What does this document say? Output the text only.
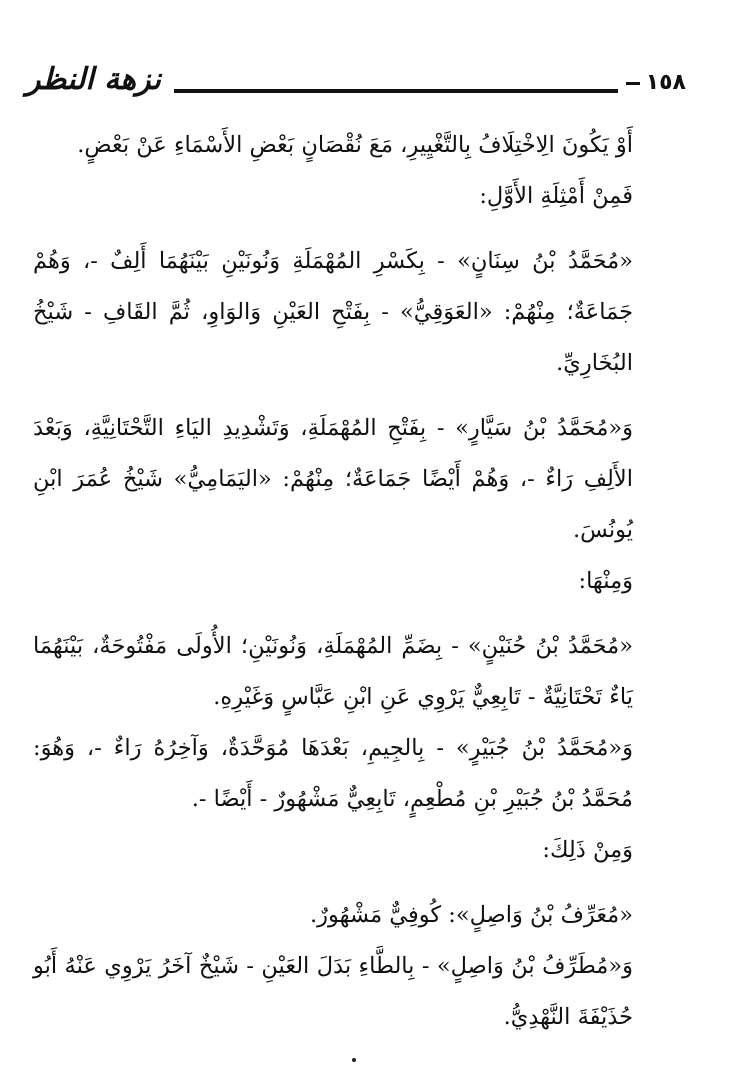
نزهة النظر	١٥٨

أَوْ يَكُونَ الِاخْتِلَافُ بِالتَّغْيِيرِ، مَعَ نُقْصَانٍ بَعْضِ الأَسْمَاءِ عَنْ بَعْضٍ.

فَمِنْ أَمْثِلَةِ الأَوَّلِ:

«مُحَمَّدُ بْنُ سِنَانٍ» - بِكَسْرِ المُهْمَلَةِ وَنُونَيْنِ بَيْنَهُمَا أَلِفٌ -، وَهُمْ جَمَاعَةٌ؛ مِنْهُمْ: «العَوَقِيُّ» - بِفَتْحِ العَيْنِ وَالوَاوِ، ثُمَّ القَافِ - شَيْخُ البُخَارِيِّ.

وَ«مُحَمَّدُ بْنُ سَيَّارٍ» - بِفَتْحِ المُهْمَلَةِ، وَتَشْدِيدِ اليَاءِ التَّحْتَانِيَّةِ، وَبَعْدَ الأَلِفِ رَاءٌ -، وَهُمْ أَيْضًا جَمَاعَةٌ؛ مِنْهُمْ: «اليَمَامِيُّ» شَيْخُ عُمَرَ ابْنِ يُونُسَ.

وَمِنْهَا:

«مُحَمَّدُ بْنُ حُنَيْنٍ» - بِضَمِّ المُهْمَلَةِ، وَنُونَيْنِ؛ الأُولَى مَفْتُوحَةٌ، بَيْنَهُمَا يَاءٌ تَحْتَانِيَّةٌ - تَابِعِيٌّ يَرْوِي عَنِ ابْنِ عَبَّاسٍ وَغَيْرِهِ.

وَ«مُحَمَّدُ بْنُ جُبَيْرٍ» - بِالجِيمِ، بَعْدَهَا مُوَحَّدَةٌ، وَآخِرُهُ رَاءٌ -، وَهُوَ: مُحَمَّدُ بْنُ جُبَيْرِ بْنِ مُطْعِمٍ، تَابِعِيٌّ مَشْهُورٌ - أَيْضًا -.

وَمِنْ ذَلِكَ:

«مُعَرِّفُ بْنُ وَاصِلٍ»: كُوفِيٌّ مَشْهُورٌ.

وَ«مُطَرِّفُ بْنُ وَاصِلٍ» - بِالطَّاءِ بَدَلَ العَيْنِ - شَيْخٌ آخَرُ يَرْوِي عَنْهُ أَبُو حُذَيْفَةَ النَّهْدِيُّ.
